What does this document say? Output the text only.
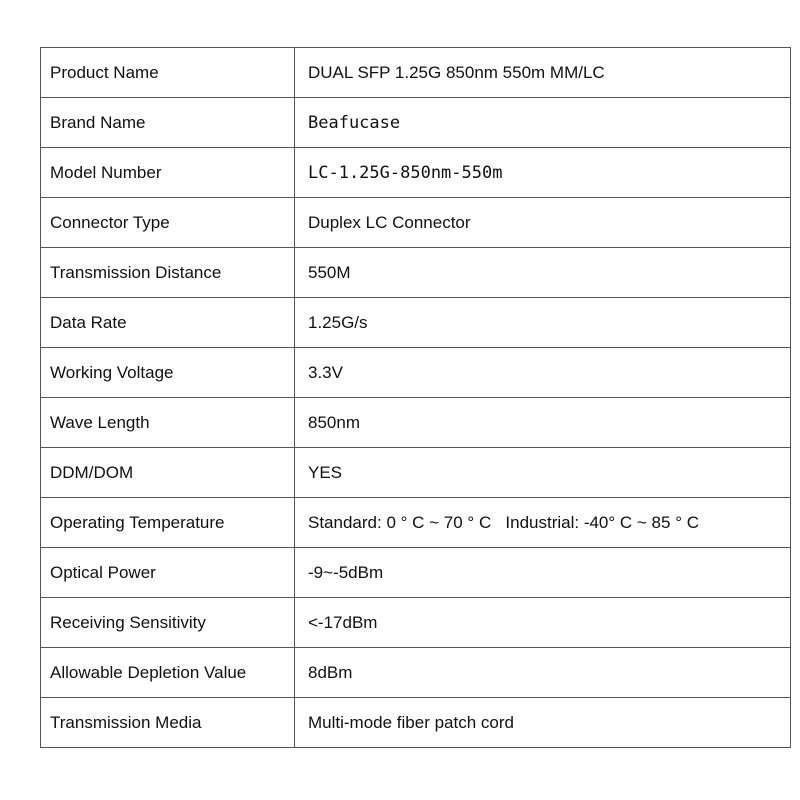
Product Name	DUAL SFP 1.25G 850nm 550m MM/LC
Brand Name	Beafucase
Model Number	LC-1.25G-850nm-550m
Connector Type	Duplex LC Connector
Transmission Distance	550M
Data Rate	1.25G/s
Working Voltage	3.3V
Wave Length	850nm
DDM/DOM	YES
Operating Temperature	Standard: 0 ° C ~ 70 ° C   Industrial: -40° C ~ 85 ° C
Optical Power	-9~-5dBm
Receiving Sensitivity	<-17dBm
Allowable Depletion Value	8dBm
Transmission Media	Multi-mode fiber patch cord
